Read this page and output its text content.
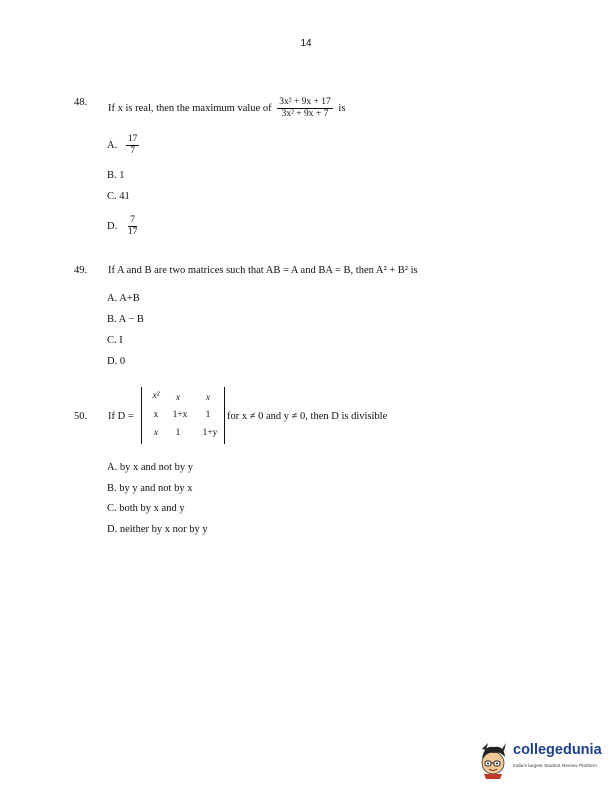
14
48.
If x is real, then the maximum value of $\frac{\text{3x² + 9x + 17}}{\text{3x² + 9x + 7}}$ is
A. $\frac{17}{7}$
B. 1
C. 41
D. $\frac{7}{17}$
49. If A and B are two matrices such that AB = A and BA = B, then A² + B² is
A. A+B
B. A − B
C. I
D. 0
50. If D =
x²	x	x
x	1+x	1
x	1	1+y
for x ≠ 0 and y ≠ 0, then D is divisible
A. by x and not by y
B. by y and not by x
C. both by x and y
D. neither by x nor by y
collegedunia
India's largest Student Review Platform
